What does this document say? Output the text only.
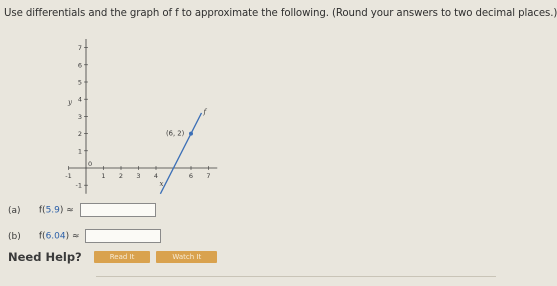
Use differentials and the graph of f to approximate the following. (Round your answers to two decimal places.)
7
6
5
4
3
2
1
-1
-1	1 2 3 4	6 7
0
x
y
(6, 2)
f
(a) f(5.9) ≈
(b) f(6.04) ≈
Need Help?	Read It	Watch It
